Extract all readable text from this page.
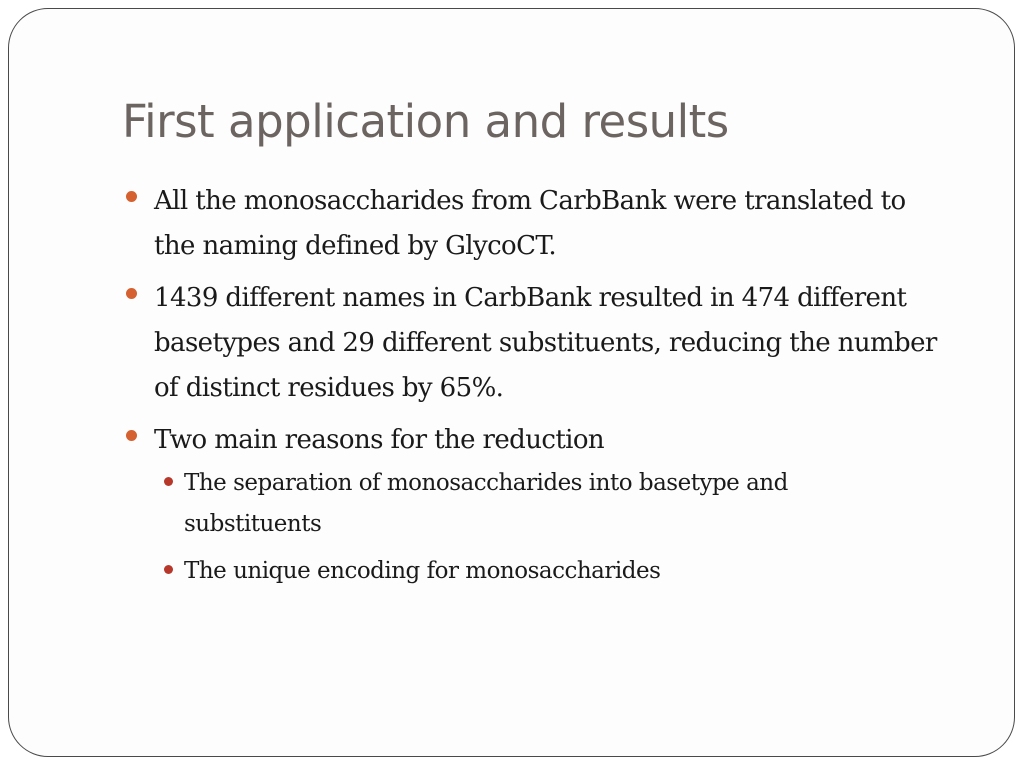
First application and results
All the monosaccharides from CarbBank were translated to
the naming defined by GlycoCT.
1439 different names in CarbBank resulted in 474 different
basetypes and 29 different substituents, reducing the number
of distinct residues by 65%.
Two main reasons for the reduction
The separation of monosaccharides into basetype and
substituents
The unique encoding for monosaccharides
